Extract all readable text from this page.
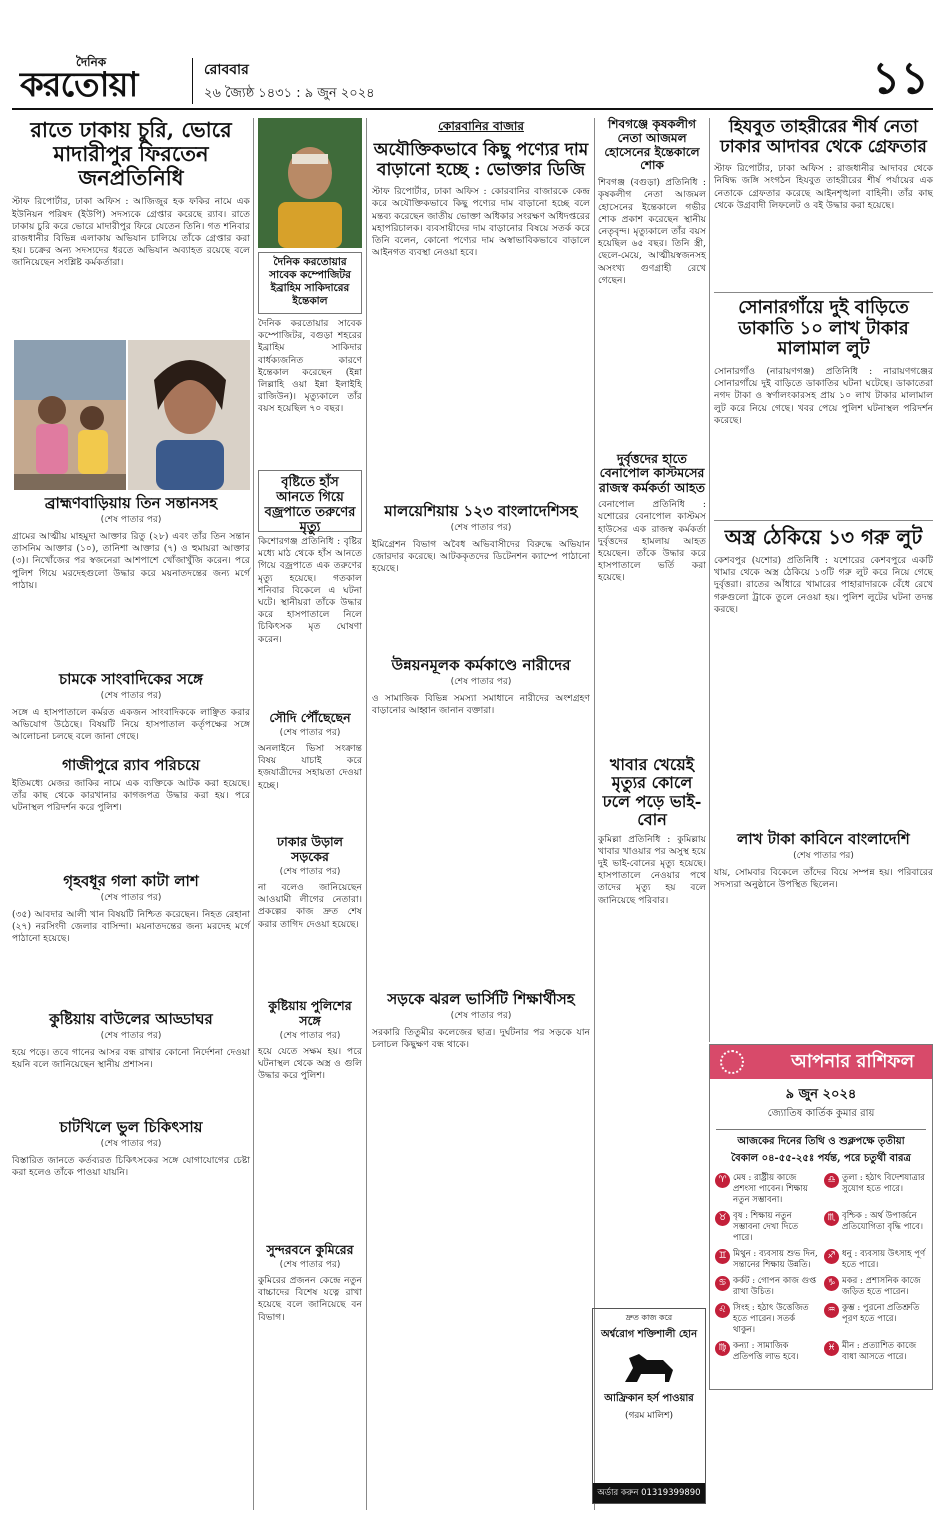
দৈনিক
করতোয়া	রোববার
২৬ জ্যৈষ্ঠ ১৪৩১ : ৯ জুন ২০২৪	১১
রাতে ঢাকায় চুরি, ভোরে মাদারীপুর ফিরতেন জনপ্রতিনিধি
স্টাফ রিপোর্টার, ঢাকা অফিস : আজিজুর হক ফকির নামে এক ইউনিয়ন পরিষদ (ইউপি) সদস্যকে গ্রেপ্তার করেছে র‌্যাব। রাতে ঢাকায় চুরি করে ভোরে মাদারীপুর ফিরে যেতেন তিনি। গত শনিবার রাজধানীর বিভিন্ন এলাকায় অভিযান চালিয়ে তাঁকে গ্রেপ্তার করা হয়। চক্রের অন্য সদস্যদের ধরতে অভিযান অব্যাহত রয়েছে বলে জানিয়েছেন সংশ্লিষ্ট কর্মকর্তারা।
ব্রাহ্মণবাড়িয়ায় তিন সন্তানসহ
(শেষ পাতার পর)
গ্রামের আত্মীয় মাহমুদা আক্তার রিতু (২৮) এবং তাঁর তিন সন্তান তাসনিম আক্তার (১০), তানিশা আক্তার (৭) ও হুমায়রা আক্তার (৩)। নিখোঁজের পর স্বজনেরা আশপাশে খোঁজাখুঁজি করেন। পরে পুলিশ গিয়ে মরদেহগুলো উদ্ধার করে ময়নাতদন্তের জন্য মর্গে পাঠায়।
চামকে সাংবাদিকের সঙ্গে
(শেষ পাতার পর)
সঙ্গে এ হাসপাতালে কর্মরত একজন সাংবাদিককে লাঞ্ছিত করার অভিযোগ উঠেছে। বিষয়টি নিয়ে হাসপাতাল কর্তৃপক্ষের সঙ্গে আলোচনা চলছে বলে জানা গেছে।
গাজীপুরে র‌্যাব পরিচয়ে
ইতিমধ্যে মেজর জাকির নামে এক ব্যক্তিকে আটক করা হয়েছে। তাঁর কাছ থেকে কারখানার কাগজপত্র উদ্ধার করা হয়। পরে ঘটনাস্থল পরিদর্শন করে পুলিশ।
গৃহবধূর গলা কাটা লাশ
(শেষ পাতার পর)
(৩৫) আবদার আলী খান বিষয়টি নিশ্চিত করেছেন। নিহত রেহানা (২৭) নরসিংদী জেলার বাসিন্দা। ময়নাতদন্তের জন্য মরদেহ মর্গে পাঠানো হয়েছে।
কুষ্টিয়ায় বাউলের আড্ডাঘর
(শেষ পাতার পর)
হয়ে পড়ে। তবে গানের আসর বন্ধ রাখার কোনো নির্দেশনা দেওয়া হয়নি বলে জানিয়েছেন স্থানীয় প্রশাসন।
চাটখিলে ভুল চিকিৎসায়
(শেষ পাতার পর)
বিস্তারিত জানতে কর্তব্যরত চিকিৎসকের সঙ্গে যোগাযোগের চেষ্টা করা হলেও তাঁকে পাওয়া যায়নি।
দৈনিক করতোয়ার সাবেক কম্পোজিটর ইব্রাহিম সাকিদারের ইন্তেকাল
দৈনিক করতোয়ার সাবেক কম্পোজিটর, বগুড়া শহরের ইব্রাহিম সাকিদার বার্ধক্যজনিত কারণে ইন্তেকাল করেছেন (ইন্না লিল্লাহি ওয়া ইন্না ইলাইহি রাজিউন)। মৃত্যুকালে তাঁর বয়স হয়েছিল ৭০ বছর।
বৃষ্টিতে হাঁস আনতে গিয়ে বজ্রপাতে তরুণের মৃত্যু
কিশোরগঞ্জ প্রতিনিধি : বৃষ্টির মধ্যে মাঠ থেকে হাঁস আনতে গিয়ে বজ্রপাতে এক তরুণের মৃত্যু হয়েছে। গতকাল শনিবার বিকেলে এ ঘটনা ঘটে। স্থানীয়রা তাঁকে উদ্ধার করে হাসপাতালে নিলে চিকিৎসক মৃত ঘোষণা করেন।
সৌদি পৌঁছেছেন
(শেষ পাতার পর)
অনলাইনে ভিসা সংক্রান্ত বিষয় যাচাই করে হজযাত্রীদের সহায়তা দেওয়া হচ্ছে।
ঢাকার উড়াল সড়কের
(শেষ পাতার পর)
না বলেও জানিয়েছেন আওয়ামী লীগের নেতারা। প্রকল্পের কাজ দ্রুত শেষ করার তাগিদ দেওয়া হয়েছে।
কুষ্টিয়ায় পুলিশের সঙ্গে
(শেষ পাতার পর)
হয়ে যেতে সক্ষম হয়। পরে ঘটনাস্থল থেকে অস্ত্র ও গুলি উদ্ধার করে পুলিশ।
সুন্দরবনে কুমিরের
(শেষ পাতার পর)
কুমিরের প্রজনন কেন্দ্রে নতুন বাচ্চাদের বিশেষ যত্নে রাখা হয়েছে বলে জানিয়েছে বন বিভাগ।
কোরবানির বাজার
অযৌক্তিকভাবে কিছু পণ্যের দাম বাড়ানো হচ্ছে : ভোক্তার ডিজি
স্টাফ রিপোর্টার, ঢাকা অফিস : কোরবানির বাজারকে কেন্দ্র করে অযৌক্তিকভাবে কিছু পণ্যের দাম বাড়ানো হচ্ছে বলে মন্তব্য করেছেন জাতীয় ভোক্তা অধিকার সংরক্ষণ অধিদপ্তরের মহাপরিচালক। ব্যবসায়ীদের দাম বাড়ানোর বিষয়ে সতর্ক করে তিনি বলেন, কোনো পণ্যের দাম অস্বাভাবিকভাবে বাড়ালে আইনগত ব্যবস্থা নেওয়া হবে।
মালয়েশিয়ায় ১২৩ বাংলাদেশিসহ
(শেষ পাতার পর)
ইমিগ্রেশন বিভাগ অবৈধ অভিবাসীদের বিরুদ্ধে অভিযান জোরদার করেছে। আটককৃতদের ডিটেনশন ক্যাম্পে পাঠানো হয়েছে।
উন্নয়নমূলক কর্মকাণ্ডে নারীদের
(শেষ পাতার পর)
ও সামাজিক বিভিন্ন সমস্যা সমাধানে নারীদের অংশগ্রহণ বাড়ানোর আহ্বান জানান বক্তারা।
সড়কে ঝরল ভার্সিটি শিক্ষার্থীসহ
(শেষ পাতার পর)
সরকারি তিতুমীর কলেজের ছাত্র। দুর্ঘটনার পর সড়কে যান চলাচল কিছুক্ষণ বন্ধ থাকে।
শিবগঞ্জে কৃষকলীগ নেতা আজমল হোসেনের ইন্তেকালে শোক
শিবগঞ্জ (বগুড়া) প্রতিনিধি : কৃষকলীগ নেতা আজমল হোসেনের ইন্তেকালে গভীর শোক প্রকাশ করেছেন স্থানীয় নেতৃবৃন্দ। মৃত্যুকালে তাঁর বয়স হয়েছিল ৬৫ বছর। তিনি স্ত্রী, ছেলে-মেয়ে, আত্মীয়স্বজনসহ অসংখ্য গুণগ্রাহী রেখে গেছেন।
দুর্বৃত্তদের হাতে বেনাপোল কাস্টমসের রাজস্ব কর্মকর্তা আহত
বেনাপোল প্রতিনিধি : যশোরের বেনাপোল কাস্টমস হাউসের এক রাজস্ব কর্মকর্তা দুর্বৃত্তদের হামলায় আহত হয়েছেন। তাঁকে উদ্ধার করে হাসপাতালে ভর্তি করা হয়েছে।
খাবার খেয়েই মৃত্যুর কোলে ঢলে পড়ে ভাই-বোন
কুমিল্লা প্রতিনিধি : কুমিল্লায় খাবার খাওয়ার পর অসুস্থ হয়ে দুই ভাই-বোনের মৃত্যু হয়েছে। হাসপাতালে নেওয়ার পথে তাদের মৃত্যু হয় বলে জানিয়েছে পরিবার।
দ্রুত কাজ করে
অর্শ্বরোগ শক্তিশালী হোন
আফ্রিকান হর্স পাওয়ার
(গরম মালিশ)
অর্ডার করুন 01319399890
হিযবুত তাহরীরের শীর্ষ নেতা ঢাকার আদাবর থেকে গ্রেফতার
স্টাফ রিপোর্টার, ঢাকা অফিস : রাজধানীর আদাবর থেকে নিষিদ্ধ জঙ্গি সংগঠন হিযবুত তাহরীরের শীর্ষ পর্যায়ের এক নেতাকে গ্রেফতার করেছে আইনশৃঙ্খলা বাহিনী। তাঁর কাছ থেকে উগ্রবাদী লিফলেট ও বই উদ্ধার করা হয়েছে।
সোনারগাঁয়ে দুই বাড়িতে ডাকাতি ১০ লাখ টাকার মালামাল লুট
সোনারগাঁও (নারায়ণগঞ্জ) প্রতিনিধি : নারায়ণগঞ্জের সোনারগাঁয়ে দুই বাড়িতে ডাকাতির ঘটনা ঘটেছে। ডাকাতেরা নগদ টাকা ও স্বর্ণালংকারসহ প্রায় ১০ লাখ টাকার মালামাল লুট করে নিয়ে গেছে। খবর পেয়ে পুলিশ ঘটনাস্থল পরিদর্শন করেছে।
অস্ত্র ঠেকিয়ে ১৩ গরু লুট
কেশবপুর (যশোর) প্রতিনিধি : যশোরের কেশবপুরে একটি খামার থেকে অস্ত্র ঠেকিয়ে ১৩টি গরু লুট করে নিয়ে গেছে দুর্বৃত্তরা। রাতের আঁধারে খামারের পাহারাদারকে বেঁধে রেখে গরুগুলো ট্রাকে তুলে নেওয়া হয়। পুলিশ লুটের ঘটনা তদন্ত করছে।
লাখ টাকা কাবিনে বাংলাদেশি
(শেষ পাতার পর)
যায়, সোমবার বিকেলে তাঁদের বিয়ে সম্পন্ন হয়। পরিবারের সদস্যরা অনুষ্ঠানে উপস্থিত ছিলেন।
আপনার রাশিফল
৯ জুন ২০২৪
জ্যোতিষ কার্তিক কুমার রায়
আজকের দিনের তিথি ও শুক্লপক্ষে তৃতীয়া
বৈকাল ০৪-৫৫-২৫ঃ পর্যন্ত, পরে চতুর্থী বারত্র
♈ মেষ : রাষ্ট্রীয় কাজে প্রশংসা পাবেন। শিক্ষায় নতুন সম্ভাবনা।
♎ তুলা : হঠাৎ বিদেশযাত্রার সুযোগ হতে পারে।
♉ বৃষ : শিক্ষায় নতুন সম্ভাবনা দেখা দিতে পারে।
♏ বৃশ্চিক : অর্থ উপার্জনে প্রতিযোগিতা বৃদ্ধি পাবে।
♊ মিথুন : ব্যবসায় শুভ দিন, সন্তানের শিক্ষায় উন্নতি।
♐ ধনু : ব্যবসায় উৎসাহ পূর্ণ হতে পারে।
♋ কর্কট : গোপন কাজ গুপ্ত রাখা উচিত।
♑ মকর : প্রশাসনিক কাজে জড়িত হতে পারেন।
♌ সিংহ : হঠাৎ উত্তেজিত হতে পারেন। সতর্ক থাকুন।
♒ কুম্ভ : পুরনো প্রতিশ্রুতি পূরণ হতে পারে।
♍ কন্যা : সামাজিক প্রতিপত্তি লাভ হবে।
♓ মীন : প্রত্যাশিত কাজে বাধা আসতে পারে।
